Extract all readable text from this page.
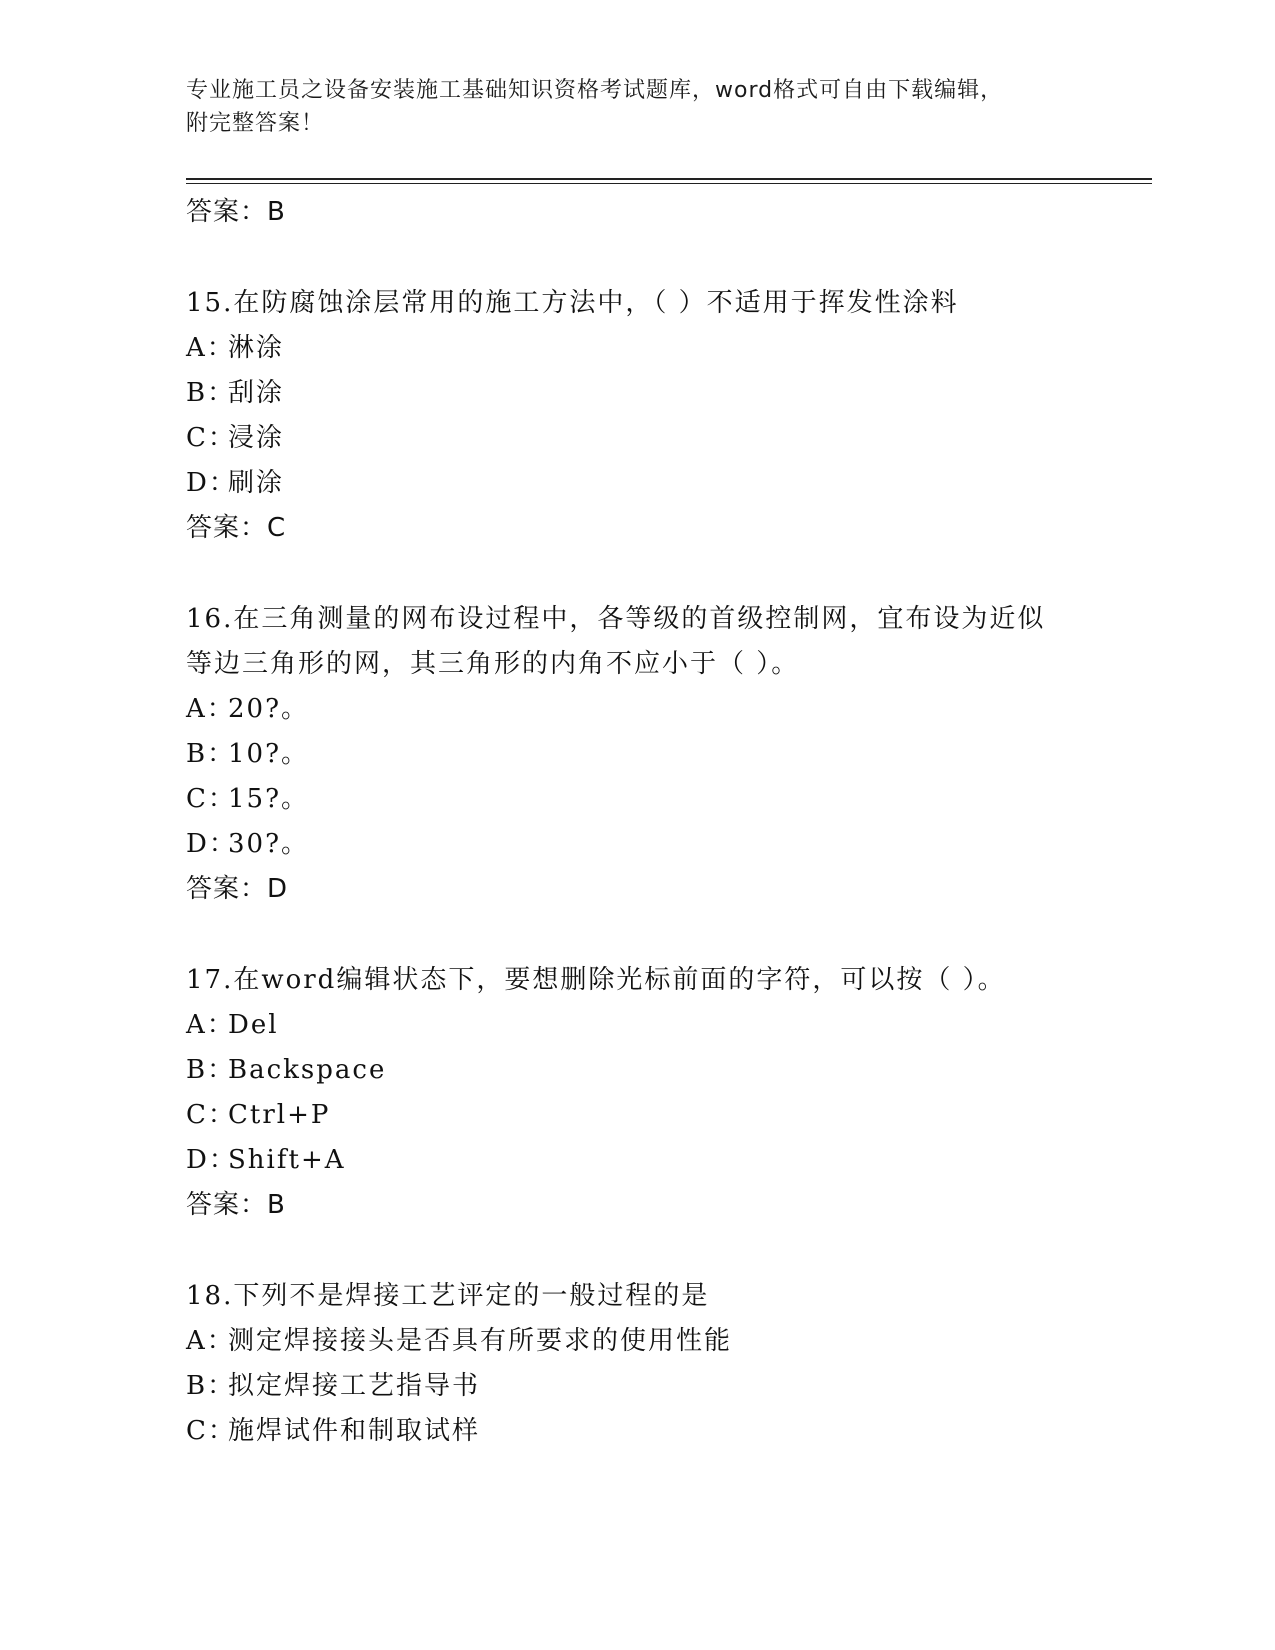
专业施工员之设备安装施工基础知识资格考试题库，word格式可自由下载编辑，
附完整答案！
答案：B
15.在防腐蚀涂层常用的施工方法中，（ ）不适用于挥发性涂料
A：淋涂
B：刮涂
C：浸涂
D：刷涂
答案：C
16.在三角测量的网布设过程中，各等级的首级控制网，宜布设为近似
等边三角形的网，其三角形的内角不应小于（ ）。
A：20?。
B：10?。
C：15?。
D：30?。
答案：D
17.在word编辑状态下，要想删除光标前面的字符，可以按（ ）。
A：Del
B：Backspace
C：Ctrl+P
D：Shift+A
答案：B
18.下列不是焊接工艺评定的一般过程的是
A：测定焊接接头是否具有所要求的使用性能
B：拟定焊接工艺指导书
C：施焊试件和制取试样
